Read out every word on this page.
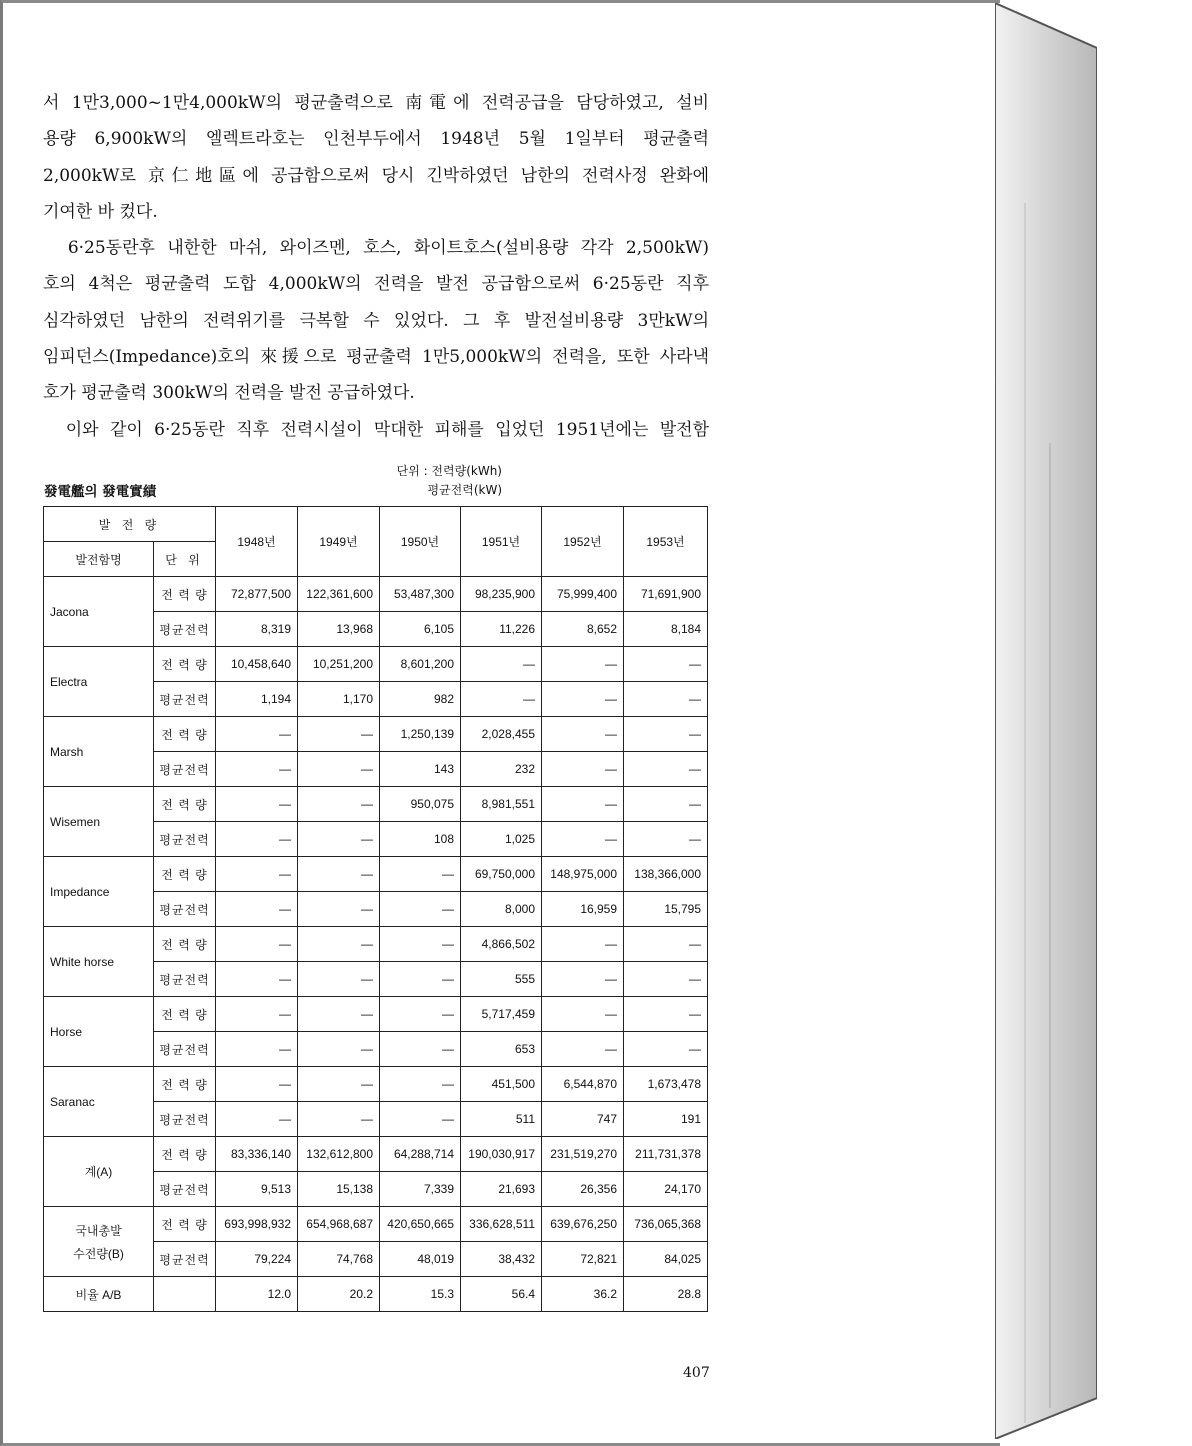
서 1만3,000~1만4,000kW의 평균출력으로 南電에 전력공급을 담당하였고, 설비
용량 6,900kW의 엘렉트라호는 인천부두에서 1948년 5월 1일부터 평균출력
2,000kW로 京仁地區에 공급함으로써 당시 긴박하였던 남한의 전력사정 완화에
기여한 바 컸다.
6·25동란후 내한한 마쉬, 와이즈멘, 호스, 화이트호스(설비용량 각각 2,500kW)
호의 4척은 평균출력 도합 4,000kW의 전력을 발전 공급함으로써 6·25동란 직후
심각하였던 남한의 전력위기를 극복할 수 있었다. 그 후 발전설비용량 3만kW의
임피던스(Impedance)호의 來援으로 평균출력 1만5,000kW의 전력을, 또한 사라낵
호가 평균출력 300kW의 전력을 발전 공급하였다.
이와 같이 6·25동란 직후 전력시설이 막대한 피해를 입었던 1951년에는 발전함
發電艦의 發電實績
단위 : 전력량(kWh)
평균전력(kW)
발 전 량		1948년	1949년	1950년	1951년	1952년	1953년
발전함명	단 위						
Jacona	전 력 량	72,877,500	122,361,600	53,487,300	98,235,900	75,999,400	71,691,900
	평균전력	8,319	13,968	6,105	11,226	8,652	8,184
Electra	전 력 량	10,458,640	10,251,200	8,601,200	—	—	—
	평균전력	1,194	1,170	982	—	—	—
Marsh	전 력 량	—	—	1,250,139	2,028,455	—	—
	평균전력	—	—	143	232	—	—
Wisemen	전 력 량	—	—	950,075	8,981,551	—	—
	평균전력	—	—	108	1,025	—	—
Impedance	전 력 량	—	—	—	69,750,000	148,975,000	138,366,000
	평균전력	—	—	—	8,000	16,959	15,795
White horse	전 력 량	—	—	—	4,866,502	—	—
	평균전력	—	—	—	555	—	—
Horse	전 력 량	—	—	—	5,717,459	—	—
	평균전력	—	—	—	653	—	—
Saranac	전 력 량	—	—	—	451,500	6,544,870	1,673,478
	평균전력	—	—	—	511	747	191
계(A)	전 력 량	83,336,140	132,612,800	64,288,714	190,030,917	231,519,270	211,731,378
	평균전력	9,513	15,138	7,339	21,693	26,356	24,170

국내총발
수전량(B)	전 력 량	693,998,932	654,968,687	420,650,665	336,628,511	639,676,250	736,065,368
	평균전력	79,224	74,768	48,019	38,432	72,821	84,025
비율 A/B		12.0	20.2	15.3	56.4	36.2	28.8
407
